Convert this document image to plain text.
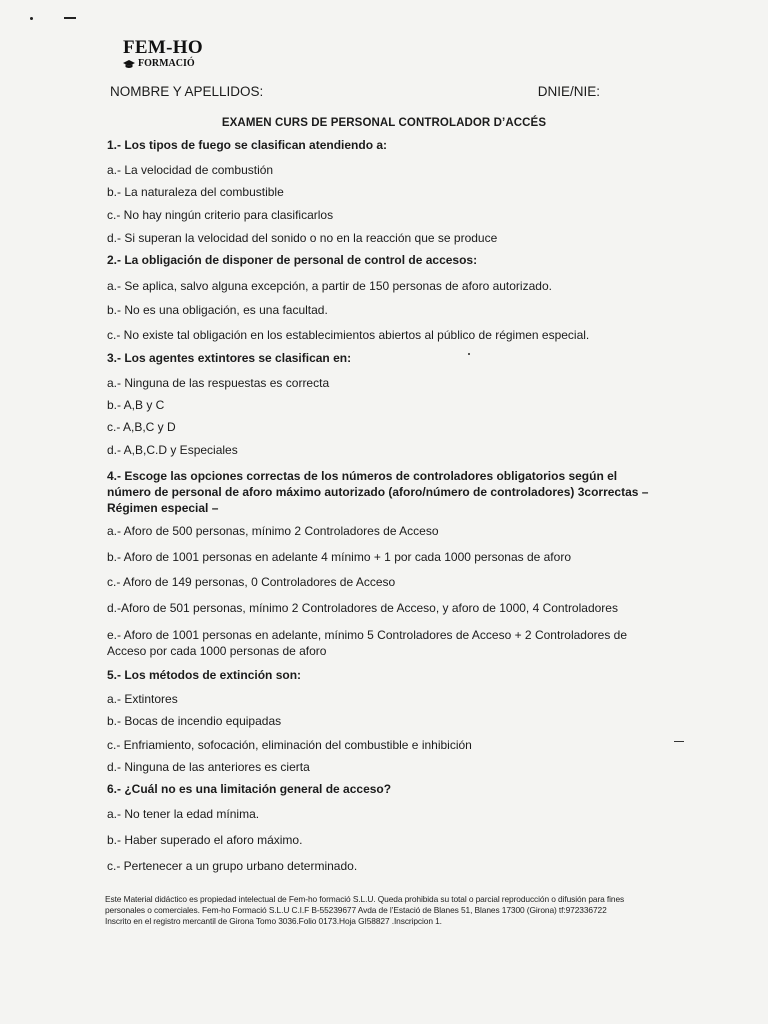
FEM-HO
FORMACIÓ
NOMBRE Y APELLIDOS:	DNIE/NIE:
EXAMEN CURS DE PERSONAL CONTROLADOR D’ACCÉS
1.- Los tipos de fuego se clasifican atendiendo a:
a.- La velocidad de combustión
b.- La naturaleza del combustible
c.- No hay ningún criterio para clasificarlos
d.- Si superan la velocidad del sonido o no en la reacción que se produce
2.- La obligación de disponer de personal de control de accesos:
a.- Se aplica, salvo alguna excepción, a partir de 150 personas de aforo autorizado.
b.- No es una obligación, es una facultad.
c.- No existe tal obligación en los establecimientos abiertos al público de régimen especial.
3.- Los agentes extintores se clasifican en:
a.- Ninguna de las respuestas es correcta
b.- A,B y C
c.- A,B,C y D
d.- A,B,C.D y Especiales
4.- Escoge las opciones correctas de los números de controladores obligatorios según el número de personal de aforo máximo autorizado (aforo/número de controladores) 3correctas – Régimen especial –
a.- Aforo de 500 personas, mínimo 2 Controladores de Acceso
b.- Aforo de 1001 personas en adelante 4 mínimo + 1 por cada 1000 personas de aforo
c.- Aforo de 149 personas, 0 Controladores de Acceso
d.-Aforo de 501 personas, mínimo 2 Controladores de Acceso, y aforo de 1000, 4 Controladores
e.- Aforo de 1001 personas en adelante, mínimo 5 Controladores de Acceso + 2 Controladores de Acceso por cada 1000 personas de aforo
5.- Los métodos de extinción son:
a.- Extintores
b.- Bocas de incendio equipadas
c.- Enfriamiento, sofocación, eliminación del combustible e inhibición
d.- Ninguna de las anteriores es cierta
6.- ¿Cuál no es una limitación general de acceso?
a.- No tener la edad mínima.
b.- Haber superado el aforo máximo.
c.- Pertenecer a un grupo urbano determinado.
Este Material didáctico es propiedad intelectual de Fem-ho formació S.L.U. Queda prohibida su total o parcial reproducción o difusión para fines
personales o comerciales. Fem-ho Formació S.L.U C.I.F B-55239677 Avda de l’Estació de Blanes 51, Blanes 17300 (Girona) tf:972336722
Inscrito en el registro mercantil de Girona Tomo 3036.Folio 0173.Hoja GI58827 .Inscripcion 1.
